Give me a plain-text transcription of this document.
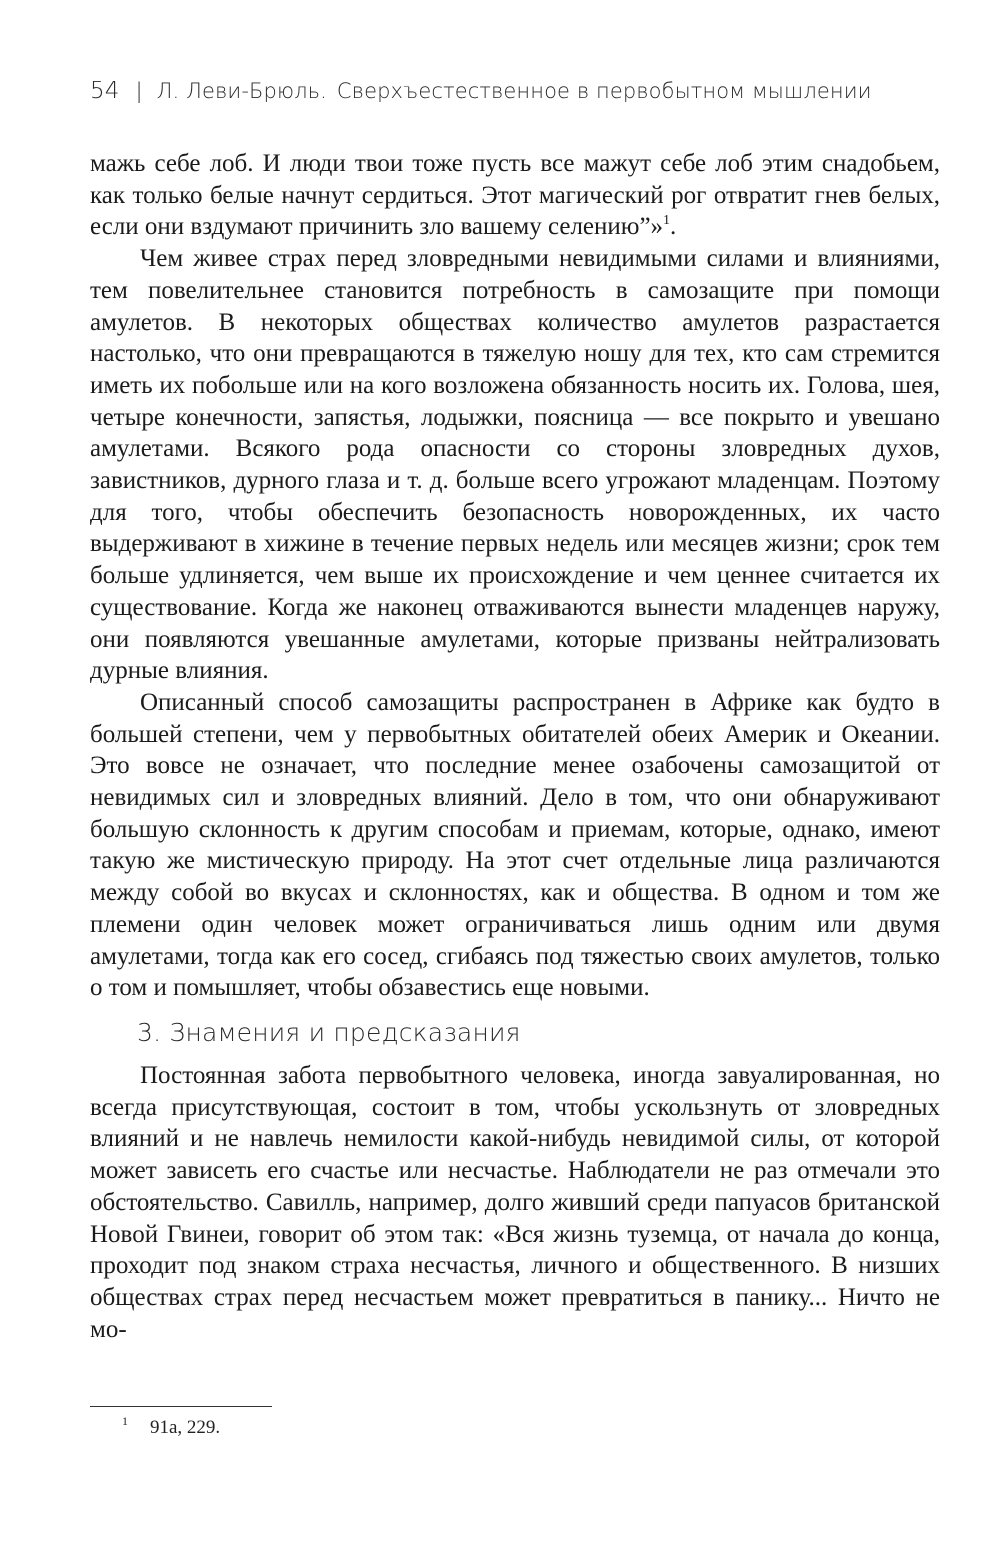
54 | Л. Леви-Брюль. Сверхъестественное в первобытном мышлении

мажь себе лоб. И люди твои тоже пусть все мажут себе лоб этим снадобьем, как только белые начнут сердиться. Этот магический рог отвратит гнев белых, если они вздумают причинить зло вашему селению”»$^1$.

Чем живее страх перед зловредными невидимыми силами и влияниями, тем повелительнее становится потребность в самозащите при помощи амулетов. В некоторых обществах количество амулетов разрастается настолько, что они превращаются в тяжелую ношу для тех, кто сам стремится иметь их побольше или на кого возложена обязанность носить их. Голова, шея, четыре конечности, запястья, лодыжки, поясница — все покрыто и увешано амулетами. Всякого рода опасности со стороны зловредных духов, завистников, дурного глаза и т. д. больше всего угрожают младенцам. Поэтому для того, чтобы обеспечить безопасность новорожденных, их часто выдерживают в хижине в течение первых недель или месяцев жизни; срок тем больше удлиняется, чем выше их происхождение и чем ценнее считается их существование. Когда же наконец отваживаются вынести младенцев наружу, они появляются увешанные амулетами, которые призваны нейтрализовать дурные влияния.

Описанный способ самозащиты распространен в Африке как будто в большей степени, чем у первобытных обитателей обеих Америк и Океании. Это вовсе не означает, что последние менее озабочены самозащитой от невидимых сил и зловредных влияний. Дело в том, что они обнаруживают большую склонность к другим способам и приемам, которые, однако, имеют такую же мистическую природу. На этот счет отдельные лица различаются между собой во вкусах и склонностях, как и общества. В одном и том же племени один человек может ограничиваться лишь одним или двумя амулетами, тогда как его сосед, сгибаясь под тяжестью своих амулетов, только о том и помышляет, чтобы обзавестись еще новыми.

3. Знамения и предсказания

Постоянная забота первобытного человека, иногда завуалированная, но всегда присутствующая, состоит в том, чтобы ускользнуть от зловредных влияний и не навлечь немилости какой-нибудь невидимой силы, от которой может зависеть его счастье или несчастье. Наблюдатели не раз отмечали это обстоятельство. Савилль, например, долго живший среди папуасов британской Новой Гвинеи, говорит об этом так: «Вся жизнь туземца, от начала до конца, проходит под знаком страха несчастья, личного и общественного. В низших обществах страх перед несчастьем может превратиться в панику... Ничто не мо-

$^1$ 91а, 229.
